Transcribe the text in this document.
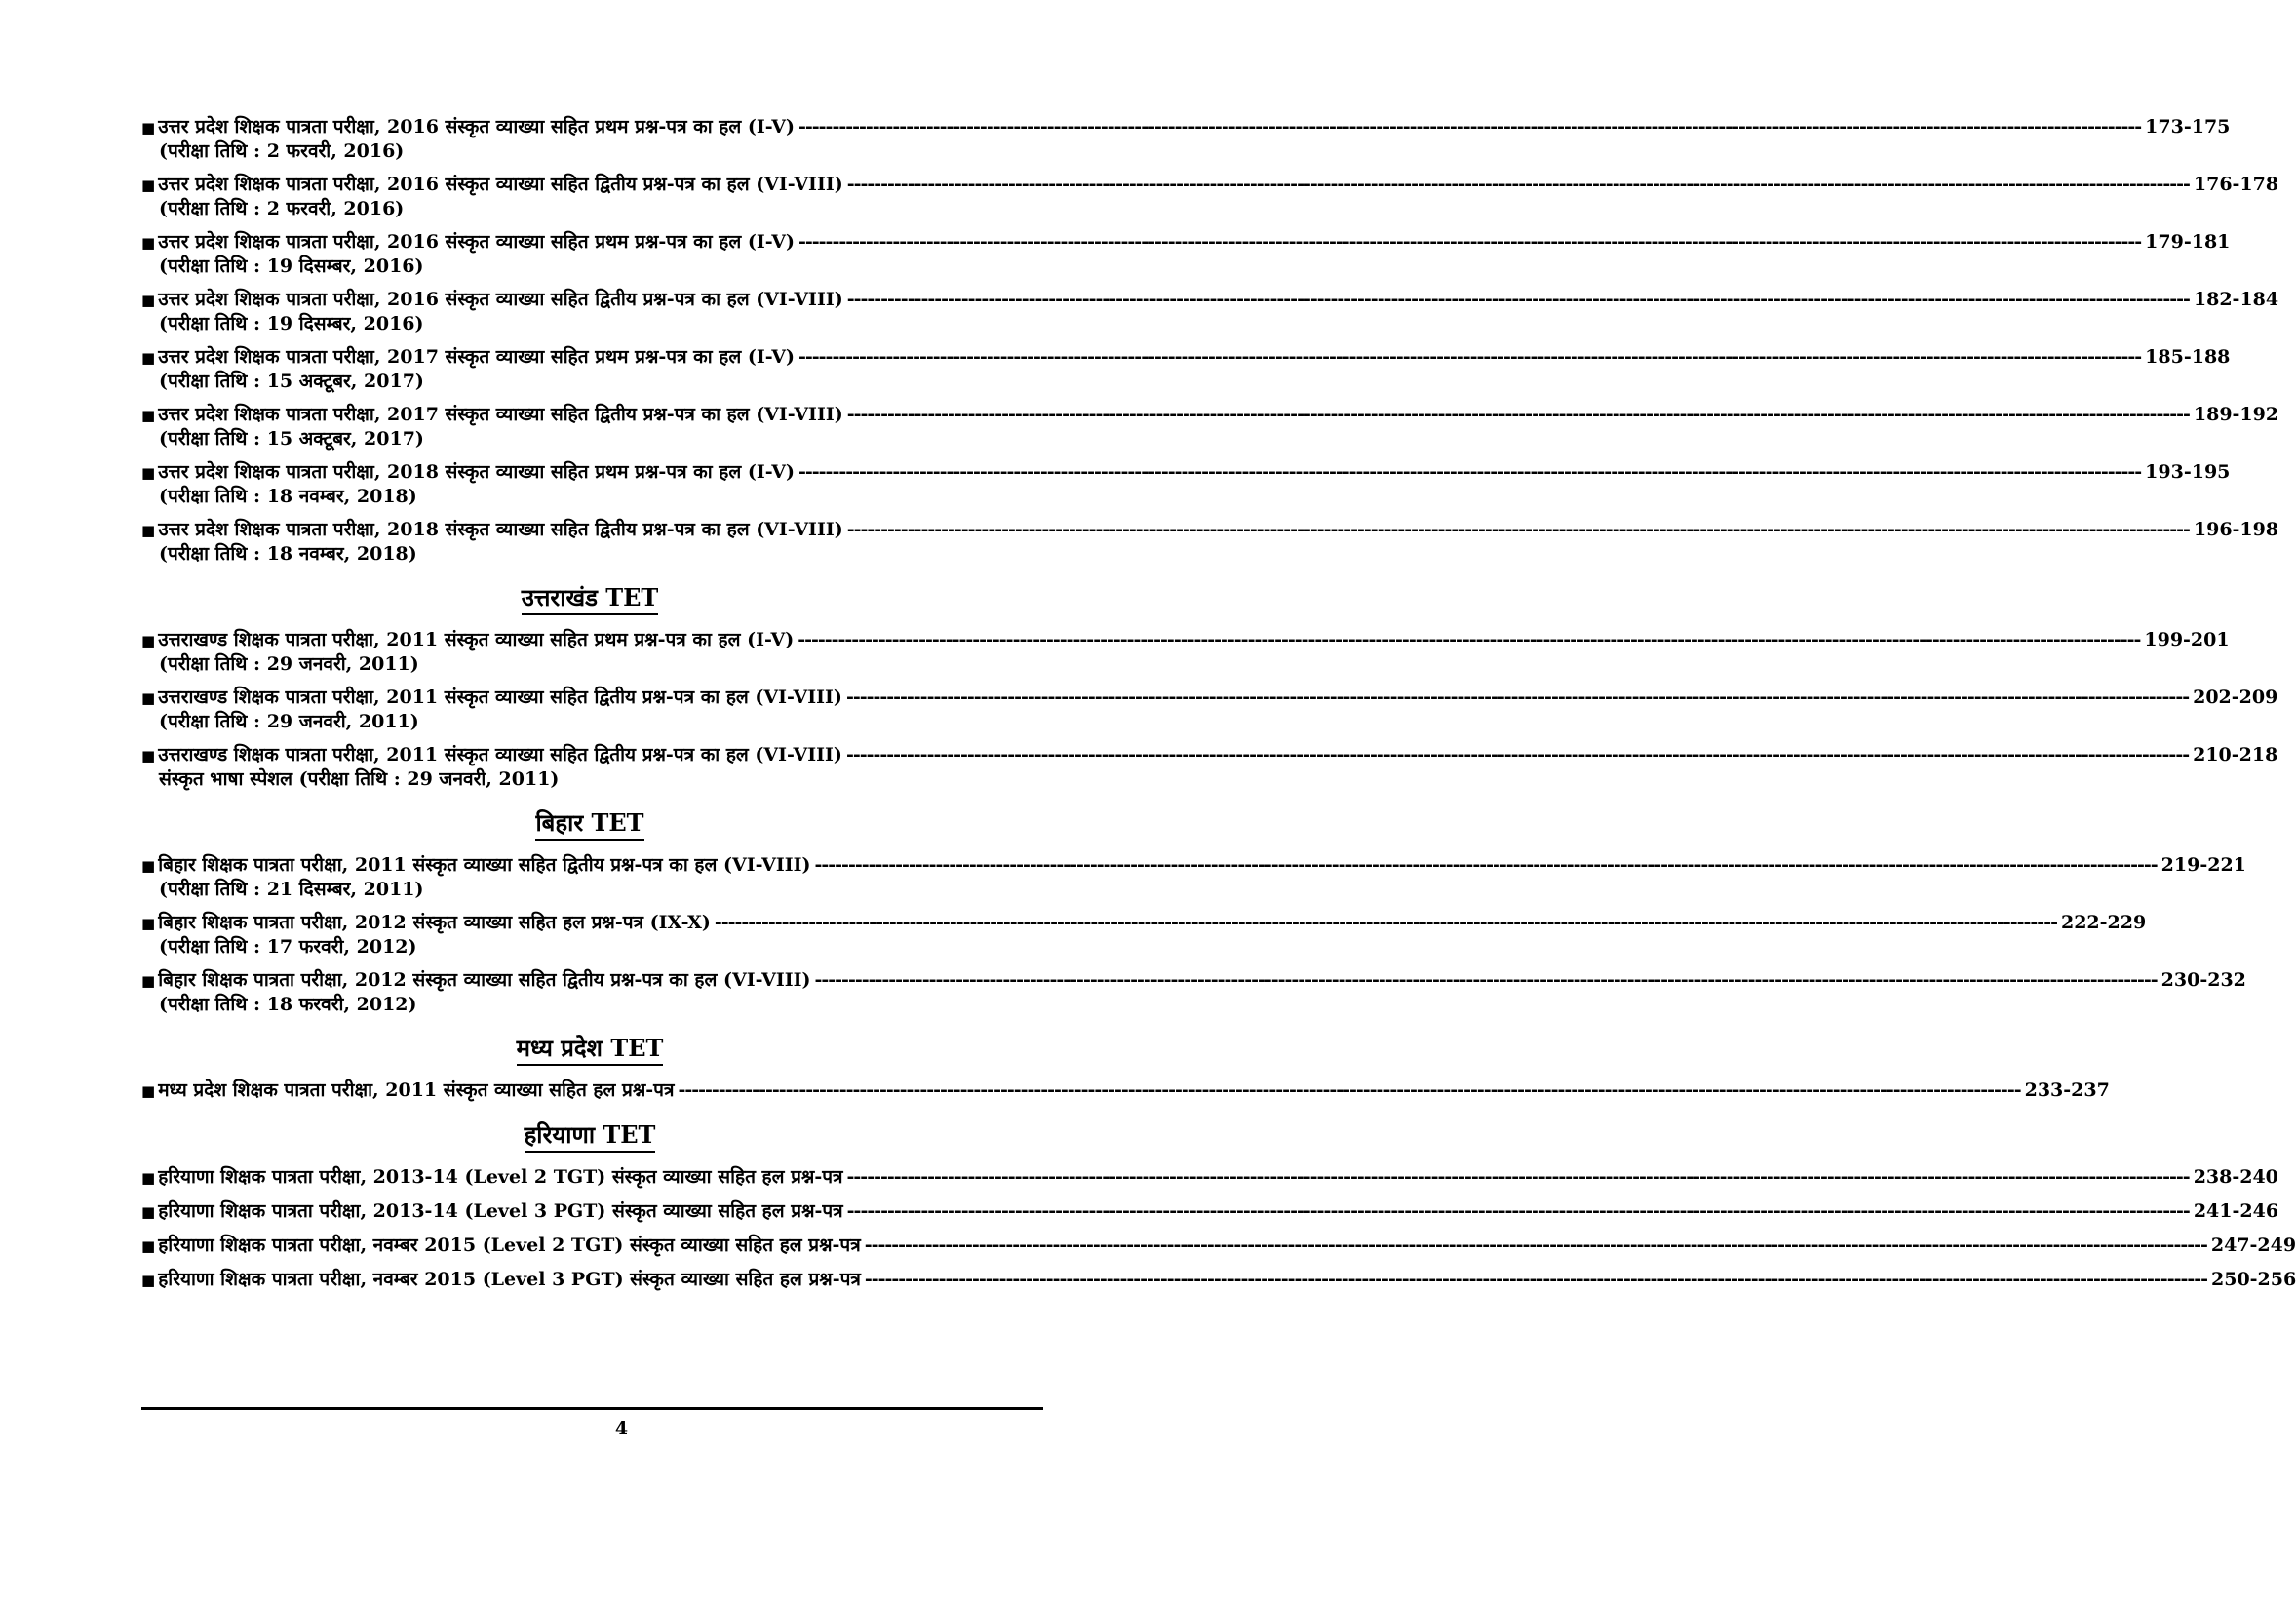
■ उत्तर प्रदेश शिक्षक पात्रता परीक्षा, 2016 संस्कृत व्याख्या सहित प्रथम प्रश्न-पत्र का हल (I-V) -------------------------------------------------------------------------------------------------------------------------------------------------------------------------------------------------------- 173-175
(परीक्षा तिथि : 2 फरवरी, 2016)
■ उत्तर प्रदेश शिक्षक पात्रता परीक्षा, 2016 संस्कृत व्याख्या सहित द्वितीय प्रश्न-पत्र का हल (VI-VIII) -------------------------------------------------------------------------------------------------------------------------------------------------------------------------------------------------------- 176-178
(परीक्षा तिथि : 2 फरवरी, 2016)
■ उत्तर प्रदेश शिक्षक पात्रता परीक्षा, 2016 संस्कृत व्याख्या सहित प्रथम प्रश्न-पत्र का हल (I-V) -------------------------------------------------------------------------------------------------------------------------------------------------------------------------------------------------------- 179-181
(परीक्षा तिथि : 19 दिसम्बर, 2016)
■ उत्तर प्रदेश शिक्षक पात्रता परीक्षा, 2016 संस्कृत व्याख्या सहित द्वितीय प्रश्न-पत्र का हल (VI-VIII) -------------------------------------------------------------------------------------------------------------------------------------------------------------------------------------------------------- 182-184
(परीक्षा तिथि : 19 दिसम्बर, 2016)
■ उत्तर प्रदेश शिक्षक पात्रता परीक्षा, 2017 संस्कृत व्याख्या सहित प्रथम प्रश्न-पत्र का हल (I-V) -------------------------------------------------------------------------------------------------------------------------------------------------------------------------------------------------------- 185-188
(परीक्षा तिथि : 15 अक्टूबर, 2017)
■ उत्तर प्रदेश शिक्षक पात्रता परीक्षा, 2017 संस्कृत व्याख्या सहित द्वितीय प्रश्न-पत्र का हल (VI-VIII) -------------------------------------------------------------------------------------------------------------------------------------------------------------------------------------------------------- 189-192
(परीक्षा तिथि : 15 अक्टूबर, 2017)
■ उत्तर प्रदेश शिक्षक पात्रता परीक्षा, 2018 संस्कृत व्याख्या सहित प्रथम प्रश्न-पत्र का हल (I-V) -------------------------------------------------------------------------------------------------------------------------------------------------------------------------------------------------------- 193-195
(परीक्षा तिथि : 18 नवम्बर, 2018)
■ उत्तर प्रदेश शिक्षक पात्रता परीक्षा, 2018 संस्कृत व्याख्या सहित द्वितीय प्रश्न-पत्र का हल (VI-VIII) -------------------------------------------------------------------------------------------------------------------------------------------------------------------------------------------------------- 196-198
(परीक्षा तिथि : 18 नवम्बर, 2018)
उत्तराखंड TET
■ उत्तराखण्ड शिक्षक पात्रता परीक्षा, 2011 संस्कृत व्याख्या सहित प्रथम प्रश्न-पत्र का हल (I-V) -------------------------------------------------------------------------------------------------------------------------------------------------------------------------------------------------------- 199-201
(परीक्षा तिथि : 29 जनवरी, 2011)
■ उत्तराखण्ड शिक्षक पात्रता परीक्षा, 2011 संस्कृत व्याख्या सहित द्वितीय प्रश्न-पत्र का हल (VI-VIII) -------------------------------------------------------------------------------------------------------------------------------------------------------------------------------------------------------- 202-209
(परीक्षा तिथि : 29 जनवरी, 2011)
■ उत्तराखण्ड शिक्षक पात्रता परीक्षा, 2011 संस्कृत व्याख्या सहित द्वितीय प्रश्न-पत्र का हल (VI-VIII) -------------------------------------------------------------------------------------------------------------------------------------------------------------------------------------------------------- 210-218
संस्कृत भाषा स्पेशल (परीक्षा तिथि : 29 जनवरी, 2011)
बिहार TET
■ बिहार शिक्षक पात्रता परीक्षा, 2011 संस्कृत व्याख्या सहित द्वितीय प्रश्न-पत्र का हल (VI-VIII) -------------------------------------------------------------------------------------------------------------------------------------------------------------------------------------------------------- 219-221
(परीक्षा तिथि : 21 दिसम्बर, 2011)
■ बिहार शिक्षक पात्रता परीक्षा, 2012 संस्कृत व्याख्या सहित हल प्रश्न-पत्र (IX-X) -------------------------------------------------------------------------------------------------------------------------------------------------------------------------------------------------------- 222-229
(परीक्षा तिथि : 17 फरवरी, 2012)
■ बिहार शिक्षक पात्रता परीक्षा, 2012 संस्कृत व्याख्या सहित द्वितीय प्रश्न-पत्र का हल (VI-VIII) -------------------------------------------------------------------------------------------------------------------------------------------------------------------------------------------------------- 230-232
(परीक्षा तिथि : 18 फरवरी, 2012)
मध्य प्रदेश TET
■ मध्य प्रदेश शिक्षक पात्रता परीक्षा, 2011 संस्कृत व्याख्या सहित हल प्रश्न-पत्र -------------------------------------------------------------------------------------------------------------------------------------------------------------------------------------------------------- 233-237
हरियाणा TET
■ हरियाणा शिक्षक पात्रता परीक्षा, 2013-14 (Level 2 TGT) संस्कृत व्याख्या सहित हल प्रश्न-पत्र -------------------------------------------------------------------------------------------------------------------------------------------------------------------------------------------------------- 238-240
■ हरियाणा शिक्षक पात्रता परीक्षा, 2013-14 (Level 3 PGT) संस्कृत व्याख्या सहित हल प्रश्न-पत्र -------------------------------------------------------------------------------------------------------------------------------------------------------------------------------------------------------- 241-246
■ हरियाणा शिक्षक पात्रता परीक्षा, नवम्बर 2015 (Level 2 TGT) संस्कृत व्याख्या सहित हल प्रश्न-पत्र -------------------------------------------------------------------------------------------------------------------------------------------------------------------------------------------------------- 247-249
■ हरियाणा शिक्षक पात्रता परीक्षा, नवम्बर 2015 (Level 3 PGT) संस्कृत व्याख्या सहित हल प्रश्न-पत्र -------------------------------------------------------------------------------------------------------------------------------------------------------------------------------------------------------- 250-256
4
